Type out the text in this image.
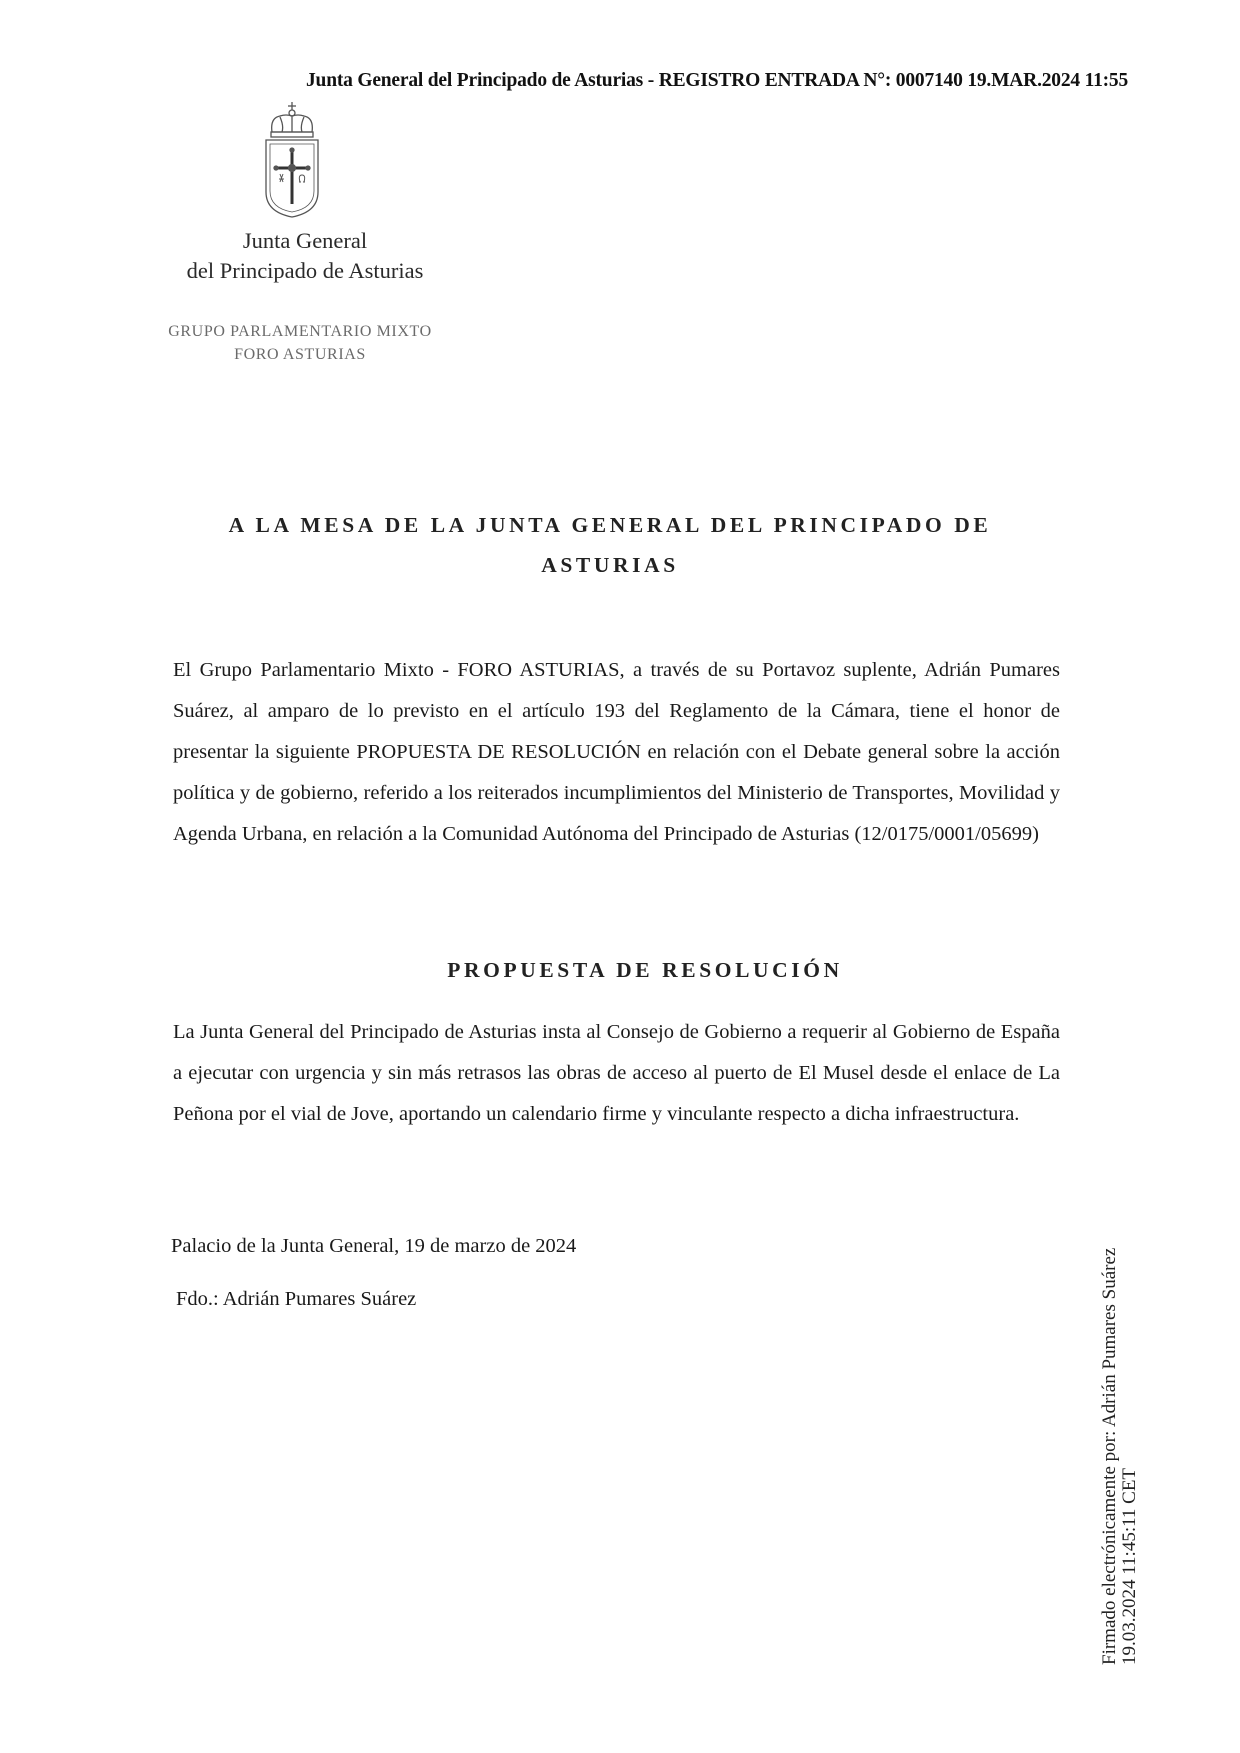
Junta General del Principado de Asturias - REGISTRO ENTRADA N°: 0007140 19.MAR.2024 11:55
Junta General
del Principado de Asturias
GRUPO PARLAMENTARIO MIXTO
FORO ASTURIAS
A LA MESA DE LA JUNTA GENERAL DEL PRINCIPADO DE
ASTURIAS
El Grupo Parlamentario Mixto - FORO ASTURIAS, a través de su Portavoz suplente, Adrián Pumares Suárez, al amparo de lo previsto en el artículo 193 del Reglamento de la Cámara, tiene el honor de presentar la siguiente PROPUESTA DE RESOLUCIÓN en relación con el Debate general sobre la acción política y de gobierno, referido a los reiterados incumplimientos del Ministerio de Transportes, Movilidad y Agenda Urbana, en relación a la Comunidad Autónoma del Principado de Asturias (12/0175/0001/05699)
PROPUESTA DE RESOLUCIÓN
La Junta General del Principado de Asturias insta al Consejo de Gobierno a requerir al Gobierno de España a ejecutar con urgencia y sin más retrasos las obras de acceso al puerto de El Musel desde el enlace de La Peñona por el vial de Jove, aportando un calendario firme y vinculante respecto a dicha infraestructura.
Palacio de la Junta General, 19 de marzo de 2024
Fdo.: Adrián Pumares Suárez	Firmado electrónicamente por: Adrián Pumares Suárez 19.03.2024 11:45:11 CET
